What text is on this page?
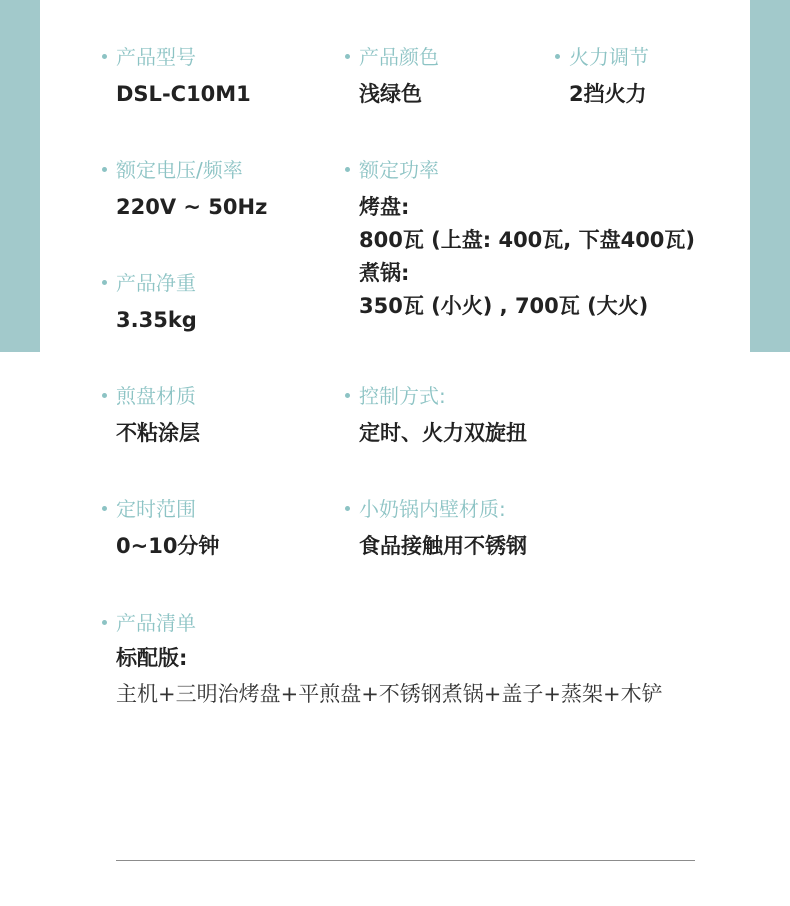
产品型号
DSL-C10M1
产品颜色
浅绿色
火力调节
2挡火力
额定电压/频率
220V ~ 50Hz
额定功率
烤盘:
800瓦 (上盘: 400瓦, 下盘400瓦)
煮锅:
350瓦 (小火) , 700瓦 (大火)
产品净重
3.35kg
煎盘材质
不粘涂层
控制方式:
定时、火力双旋扭
定时范围
0~10分钟
小奶锅内壁材质:
食品接触用不锈钢
产品清单
标配版:
主机+三明治烤盘+平煎盘+不锈钢煮锅+盖子+蒸架+木铲
